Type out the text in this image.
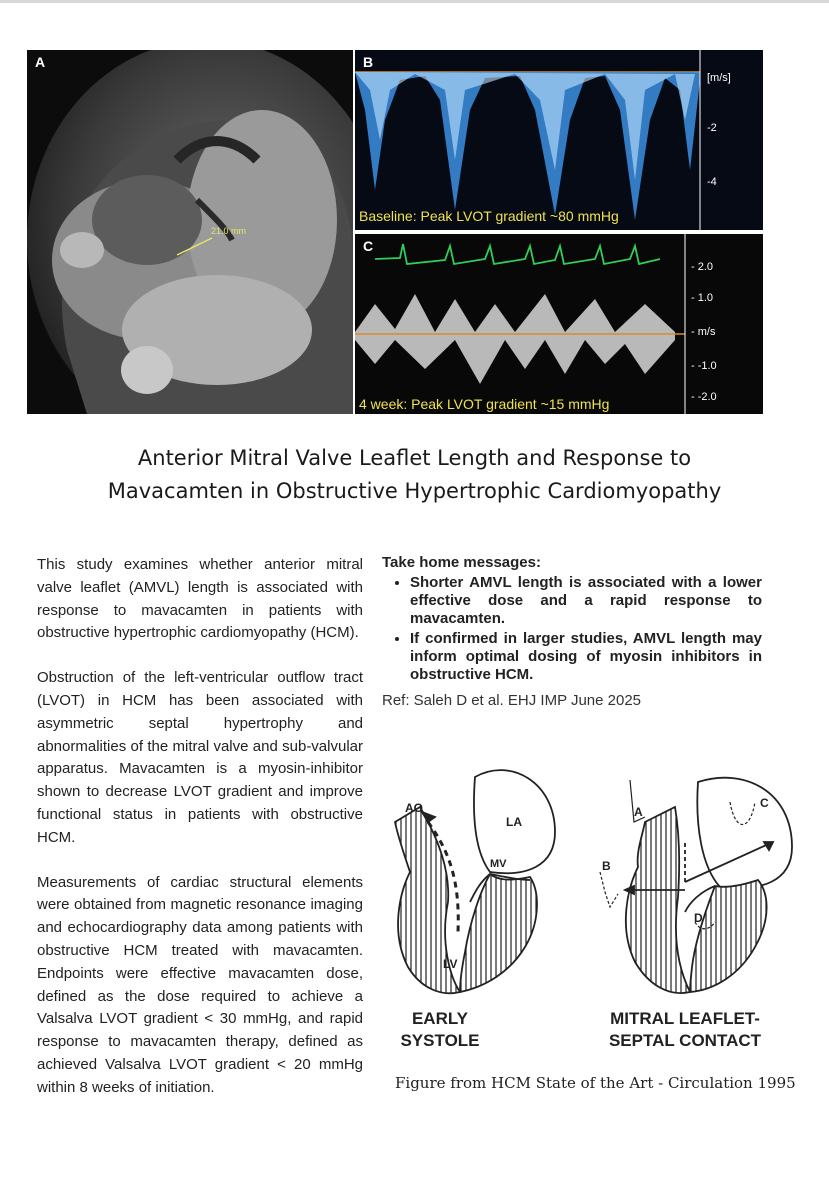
A
21.0 mm
B
[m/s]
-2
-4
Baseline: Peak LVOT gradient ~80 mmHg
C
- 2.0
- 1.0
- m/s
- -1.0
- -2.0
4 week: Peak LVOT gradient ~15 mmHg
Anterior Mitral Valve Leaflet Length and Response to
Mavacamten in Obstructive Hypertrophic Cardiomyopathy

This study examines whether anterior mitral valve leaflet (AMVL) length is associated with response to mavacamten in patients with obstructive hypertrophic cardiomyopathy (HCM).

Obstruction of the left-ventricular outflow tract (LVOT) in HCM has been associated with asymmetric septal hypertrophy and abnormalities of the mitral valve and sub-valvular apparatus. Mavacamten is a myosin-inhibitor shown to decrease LVOT gradient and improve functional status in patients with obstructive HCM.

Measurements of cardiac structural elements were obtained from magnetic resonance imaging and echocardiography data among patients with obstructive HCM treated with mavacamten. Endpoints were effective mavacamten dose, defined as the dose required to achieve a Valsalva LVOT gradient < 30 mmHg, and rapid response to mavacamten therapy, defined as achieved Valsalva LVOT gradient < 20 mmHg within 8 weeks of initiation.

Take home messages:
• Shorter AMVL length is associated with a lower effective dose and a rapid response to mavacamten.
• If confirmed in larger studies, AMVL length may inform optimal dosing of myosin inhibitors in obstructive HCM.
Ref: Saleh D et al. EHJ IMP June 2025
AO
LA
MV
LV
EARLY
SYSTOLE
A
B
C
D
MITRAL LEAFLET-
SEPTAL CONTACT
Figure from HCM State of the Art - Circulation 1995
